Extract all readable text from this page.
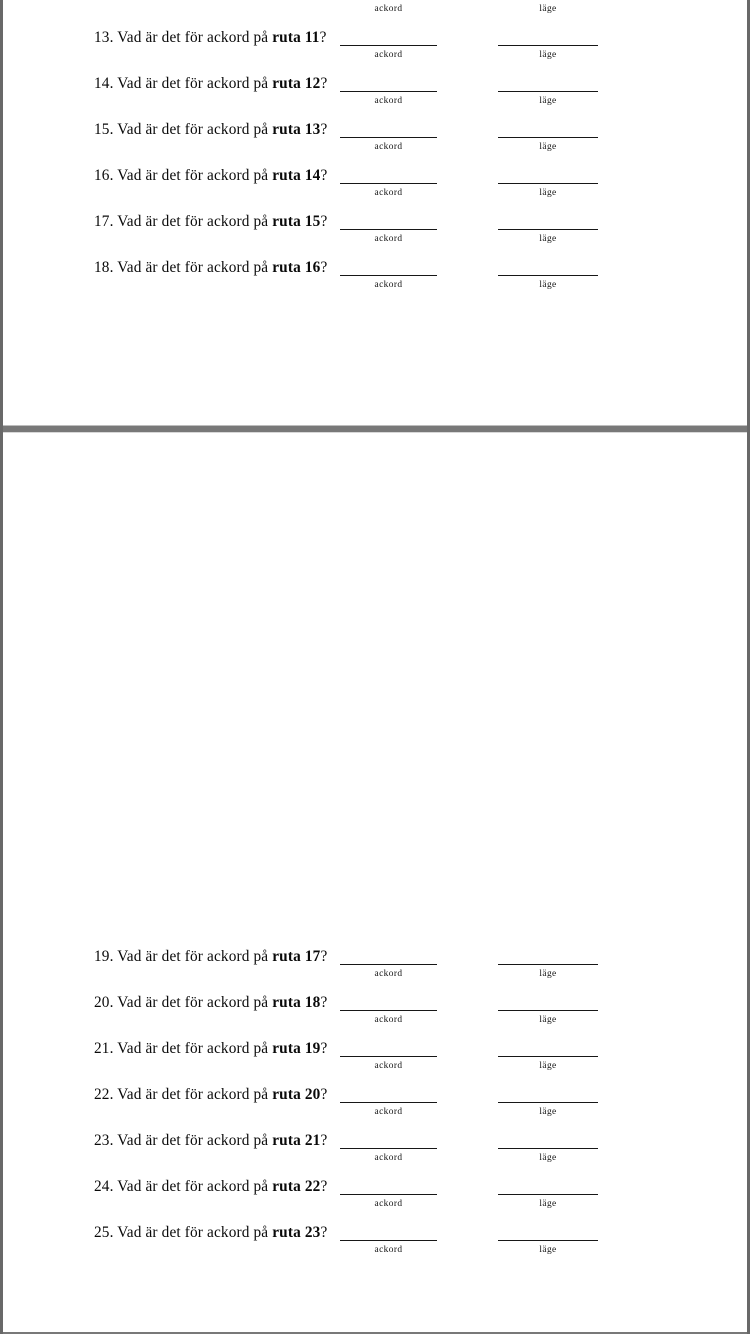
ackord	läge
13. Vad är det för ackord på ruta 11?
ackord	läge
14. Vad är det för ackord på ruta 12?
ackord	läge
15. Vad är det för ackord på ruta 13?
ackord	läge
16. Vad är det för ackord på ruta 14?
ackord	läge
17. Vad är det för ackord på ruta 15?
ackord	läge
18. Vad är det för ackord på ruta 16?
ackord	läge
19. Vad är det för ackord på ruta 17?
ackord	läge
20. Vad är det för ackord på ruta 18?
ackord	läge
21. Vad är det för ackord på ruta 19?
ackord	läge
22. Vad är det för ackord på ruta 20?
ackord	läge
23. Vad är det för ackord på ruta 21?
ackord	läge
24. Vad är det för ackord på ruta 22?
ackord	läge
25. Vad är det för ackord på ruta 23?
ackord	läge
